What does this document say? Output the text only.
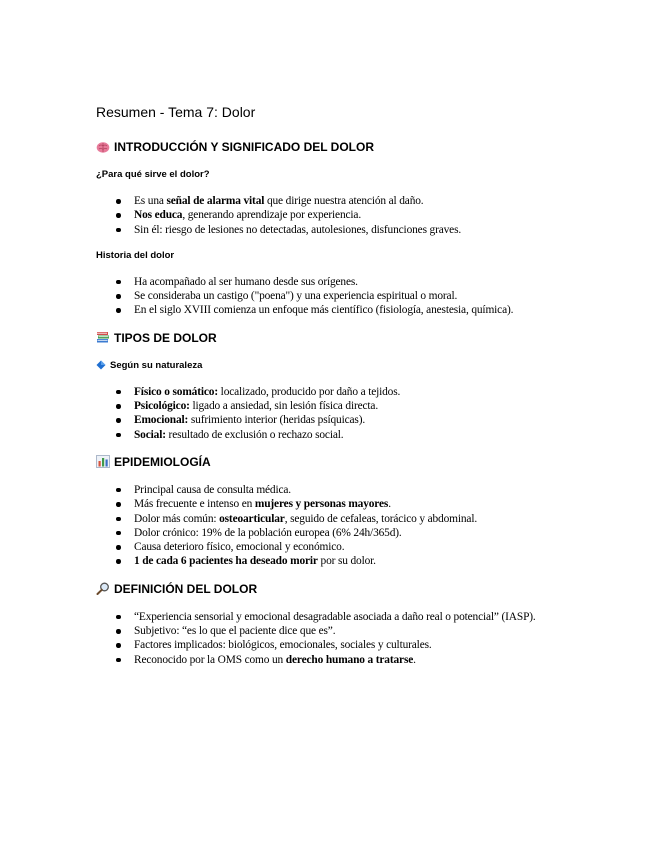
Resumen - Tema 7: Dolor
INTRODUCCIÓN Y SIGNIFICADO DEL DOLOR
¿Para qué sirve el dolor?
Es una señal de alarma vital que dirige nuestra atención al daño.
Nos educa, generando aprendizaje por experiencia.
Sin él: riesgo de lesiones no detectadas, autolesiones, disfunciones graves.
Historia del dolor
Ha acompañado al ser humano desde sus orígenes.
Se consideraba un castigo ("poena") y una experiencia espiritual o moral.
En el siglo XVIII comienza un enfoque más científico (fisiología, anestesia, química).
TIPOS DE DOLOR
Según su naturaleza
Físico o somático: localizado, producido por daño a tejidos.
Psicológico: ligado a ansiedad, sin lesión física directa.
Emocional: sufrimiento interior (heridas psíquicas).
Social: resultado de exclusión o rechazo social.
EPIDEMIOLOGÍA
Principal causa de consulta médica.
Más frecuente e intenso en mujeres y personas mayores.
Dolor más común: osteoarticular, seguido de cefaleas, torácico y abdominal.
Dolor crónico: 19% de la población europea (6% 24h/365d).
Causa deterioro físico, emocional y económico.
1 de cada 6 pacientes ha deseado morir por su dolor.
DEFINICIÓN DEL DOLOR
“Experiencia sensorial y emocional desagradable asociada a daño real o potencial” (IASP).
Subjetivo: “es lo que el paciente dice que es”.
Factores implicados: biológicos, emocionales, sociales y culturales.
Reconocido por la OMS como un derecho humano a tratarse.
